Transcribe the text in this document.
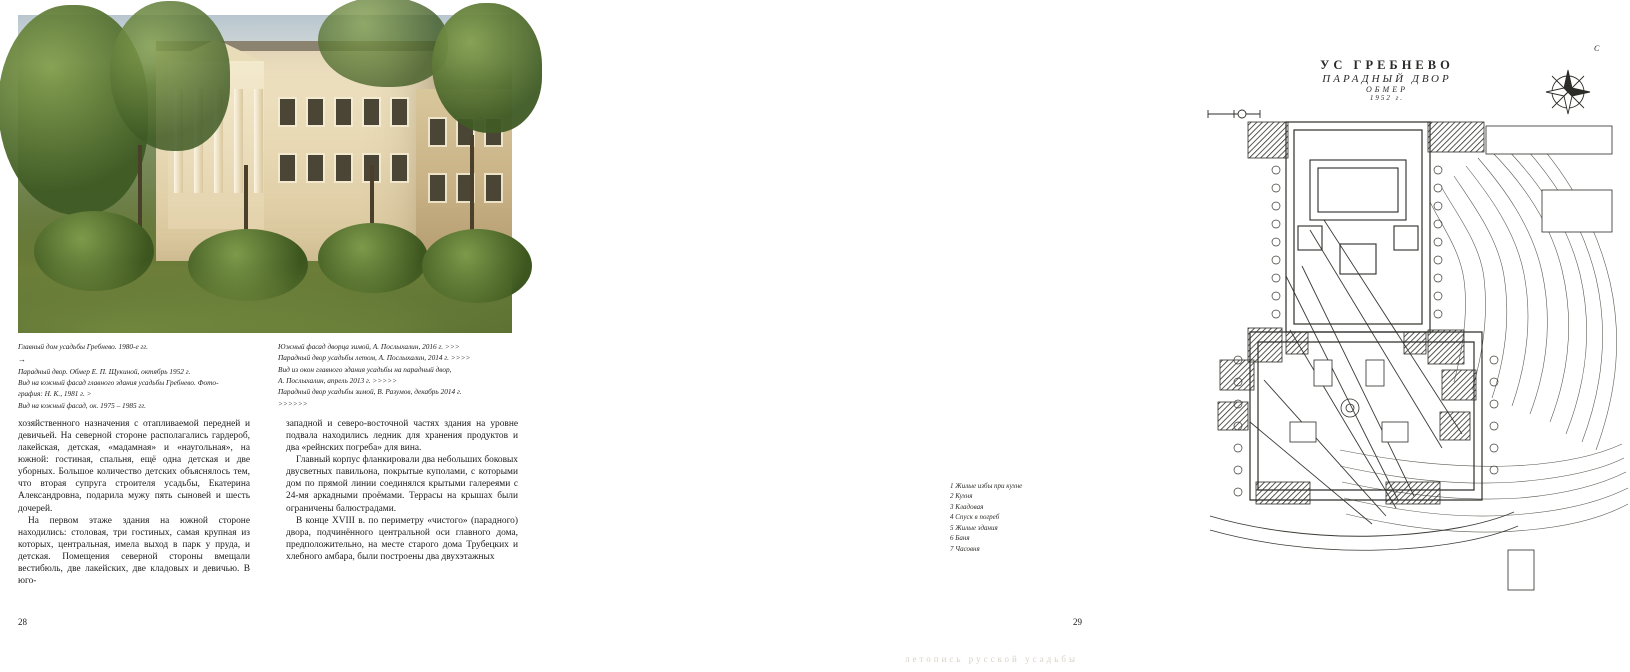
Главный дом усадьбы Гребнево. 1980-е гг.

→

Парадный двор. Обмер Е. П. Щукиной, октябрь 1952 г.

Вид на южный фасад главного здания усадьбы Гребнево. Фото-

графия: Н. К., 1981 г. >

Вид на южный фасад, ок. 1975 – 1985 гг.

Южный фасад дворца зимой, А. Послыхалин, 2016 г. >>>

Парадный двор усадьбы летом, А. Послыхалин, 2014 г. >>>>

Вид из окон главного здания усадьбы на парадный двор,

А. Послыхалин, апрель 2013 г. >>>>>

Парадный двор усадьбы зимой, В. Разумов, декабрь 2014 г.

>>>>>>

хозяйственного назначения с отапливаемой передней и девичьей. На северной стороне располагались гардероб, лакейская, детская, «мадамная» и «наугольная», на южной: гостиная, спальня, ещё одна детская и две уборных. Большое количество детских объяснялось тем, что вторая супруга строителя усадьбы, Екатерина Александровна, подарила мужу пять сыновей и шесть дочерей.

На первом этаже здания на южной стороне находились: столовая, три гостиных, самая крупная из которых, центральная, имела выход в парк у пруда, и детская. Помещения северной стороны вмещали вестибюль, две лакейских, две кладовых и девичью. В юго-

западной и северо-восточной частях здания на уровне подвала находились ледник для хранения продуктов и два «рейнских погреба» для вина.

Главный корпус фланкировали два небольших боковых двусветных павильона, покрытые куполами, с которыми дом по прямой линии соединялся крытыми галереями с 24-мя аркадными проёмами. Террасы на крышах были ограничены балюстрадами.

В конце XVIII в. по периметру «чистого» (парадного) двора, подчинённого центральной оси главного дома, предположительно, на месте старого дома Трубецких и хлебного амбара, были построены два двухэтажных

28
УС ГРЕБНЕВО
ПАРАДНЫЙ ДВОР
ОБМЕР
1952 г.
С
1 Жилые избы при кухне
2 Кухня
3 Кладовая
4 Спуск в погреб
5 Жилые здания
6 Баня
7 Часовня
29
летопись русской усадьбы
